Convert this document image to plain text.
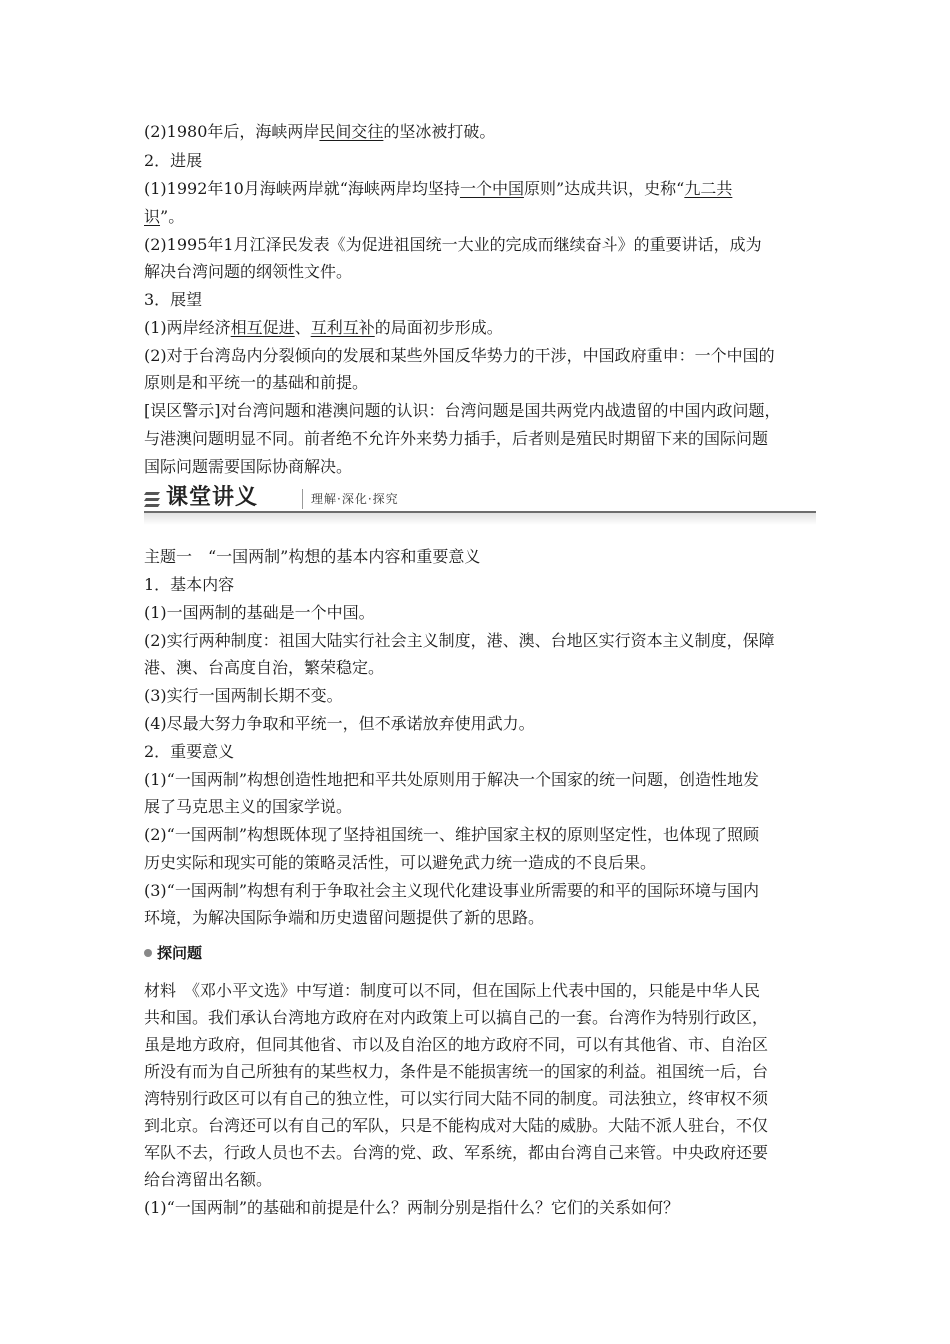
(2)1980年后，海峡两岸民间交往的坚冰被打破。
2．进展
(1)1992年10月海峡两岸就“海峡两岸均坚持一个中国原则”达成共识，史称“九二共
识”。
(2)1995年1月江泽民发表《为促进祖国统一大业的完成而继续奋斗》的重要讲话，成为
解决台湾问题的纲领性文件。
3．展望
(1)两岸经济相互促进、互利互补的局面初步形成。
(2)对于台湾岛内分裂倾向的发展和某些外国反华势力的干涉，中国政府重申：一个中国的
原则是和平统一的基础和前提。
[误区警示]对台湾问题和港澳问题的认识：台湾问题是国共两党内战遗留的中国内政问题，
与港澳问题明显不同。前者绝不允许外来势力插手，后者则是殖民时期留下来的国际问题
国际问题需要国际协商解决。
课堂讲义	理解·深化·探究
主题一　“一国两制”构想的基本内容和重要意义
1．基本内容
(1)一国两制的基础是一个中国。
(2)实行两种制度：祖国大陆实行社会主义制度，港、澳、台地区实行资本主义制度，保障
港、澳、台高度自治，繁荣稳定。
(3)实行一国两制长期不变。
(4)尽最大努力争取和平统一，但不承诺放弃使用武力。
2．重要意义
(1)“一国两制”构想创造性地把和平共处原则用于解决一个国家的统一问题，创造性地发
展了马克思主义的国家学说。
(2)“一国两制”构想既体现了坚持祖国统一、维护国家主权的原则坚定性，也体现了照顾
历史实际和现实可能的策略灵活性，可以避免武力统一造成的不良后果。
(3)“一国两制”构想有利于争取社会主义现代化建设事业所需要的和平的国际环境与国内
环境，为解决国际争端和历史遗留问题提供了新的思路。
探问题
材料　《邓小平文选》中写道：制度可以不同，但在国际上代表中国的，只能是中华人民
共和国。我们承认台湾地方政府在对内政策上可以搞自己的一套。台湾作为特别行政区，
虽是地方政府，但同其他省、市以及自治区的地方政府不同，可以有其他省、市、自治区
所没有而为自己所独有的某些权力，条件是不能损害统一的国家的利益。祖国统一后，台
湾特别行政区可以有自己的独立性，可以实行同大陆不同的制度。司法独立，终审权不须
到北京。台湾还可以有自己的军队，只是不能构成对大陆的威胁。大陆不派人驻台，不仅
军队不去，行政人员也不去。台湾的党、政、军系统，都由台湾自己来管。中央政府还要
给台湾留出名额。
(1)“一国两制”的基础和前提是什么？两制分别是指什么？它们的关系如何？
